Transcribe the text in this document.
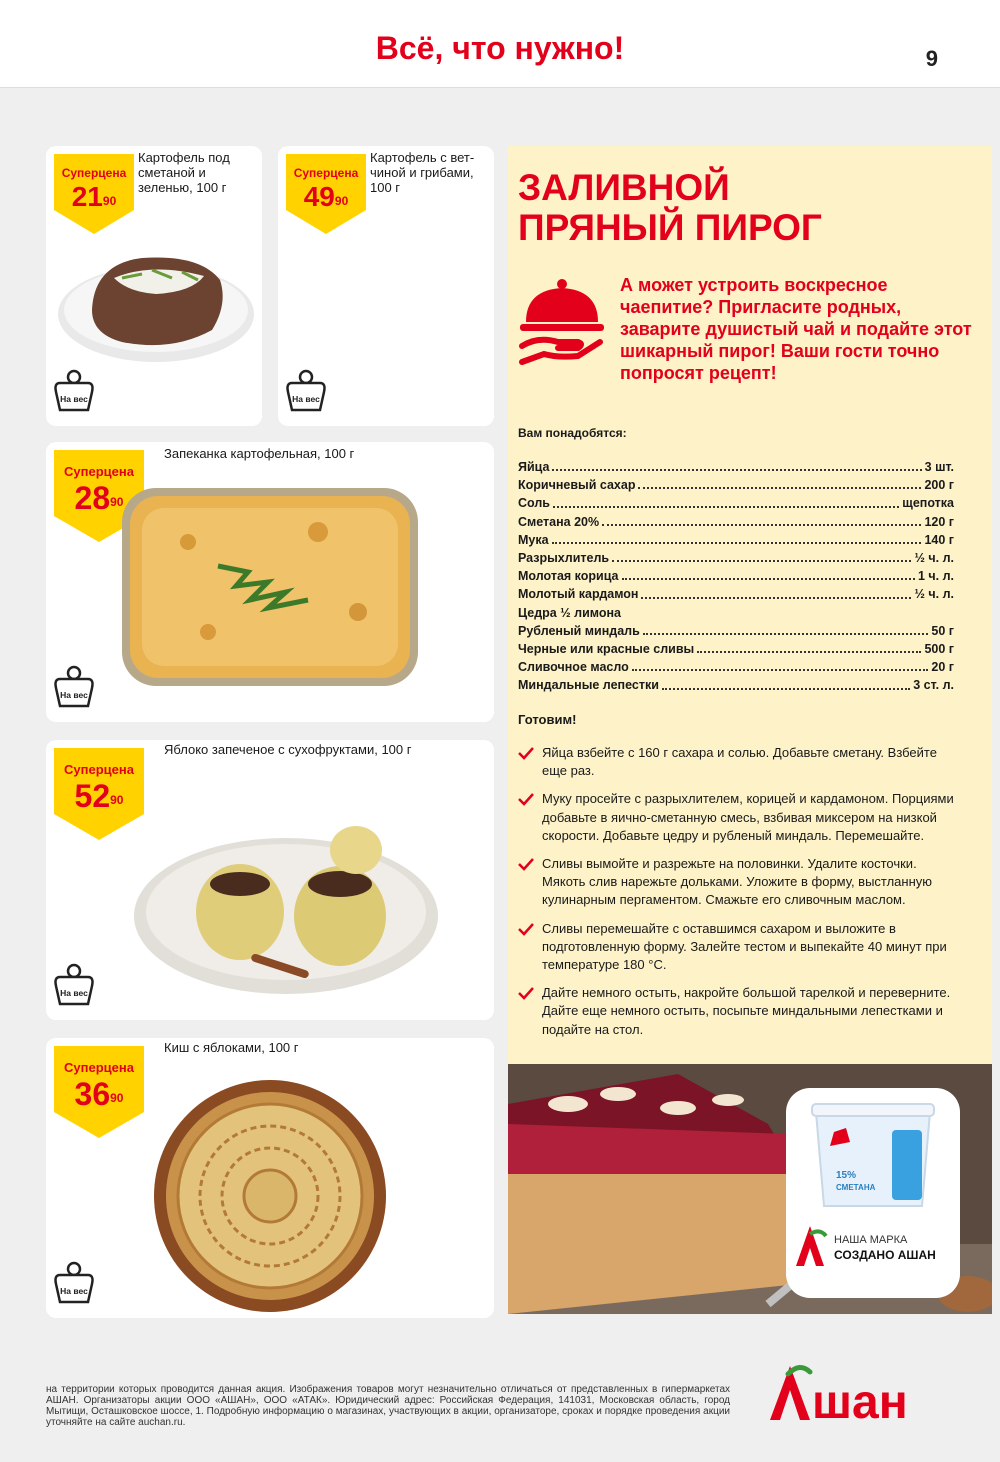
Всё, что нужно!	9
Суперцена
$21^{90}$
Картофель под сметаной и зеленью, 100 г
На вес
Суперцена
$49^{90}$
Картофель с вет-чиной и грибами, 100 г
На вес
Суперцена
$28^{90}$
Запеканка картофельная, 100 г
На вес
Суперцена
$52^{90}$
Яблоко запеченое с сухофруктами, 100 г
На вес
Суперцена
$36^{90}$
Киш с яблоками, 100 г
На вес
ЗАЛИВНОЙ
ПРЯНЫЙ ПИРОГ
А может устроить воскресное чаепитие? Пригласите родных, заварите душистый чай и подайте этот шикарный пирог! Ваши гости точно попросят рецепт!
Вам понадобятся:
Яйца	3 шт.
Коричневый сахар	200 г
Соль	щепотка
Сметана 20%	120 г
Мука	140 г
Разрыхлитель	½ ч. л.
Молотая корица	1 ч. л.
Молотый кардамон	½ ч. л.
Цедра ½ лимона
Рубленый миндаль	50 г
Черные или красные сливы	500 г
Сливочное масло	20 г
Миндальные лепестки	3 ст. л.
Готовим!
Яйца взбейте с 160 г сахара и солью. Добавьте сметану. Взбейте еще раз.
Муку просейте с разрыхлителем, корицей и кардамоном. Порциями добавьте в яично-сметанную смесь, взбивая миксером на низкой скорости. Добавьте цедру и рубленый миндаль. Перемешайте.
Сливы вымойте и разрежьте на половинки. Удалите косточки. Мякоть слив нарежьте дольками. Уложите в форму, выстланную кулинарным пергаментом. Смажьте его сливочным маслом.
Сливы перемешайте с оставшимся сахаром и выложите в подготовленную форму. Залейте тестом и выпекайте 40 минут при температуре 180 °C.
Дайте немного остыть, накройте большой тарелкой и переверните. Дайте еще немного остыть, посыпьте миндальными лепестками и подайте на стол.
15%
СМЕТАНА
НАША МАРКА
СОЗДАНО АШАН
на территории которых проводится данная акция. Изображения товаров могут незначительно отличаться от представленных в гипермаркетах АШАН. Организаторы акции ООО «АШАН», ООО «АТАК». Юридический адрес: Российская Федерация, 141031, Московская область, город Мытищи, Осташковское шоссе, 1. Подробную информацию о магазинах, участвующих в акции, организаторе, сроках и порядке проведения акции уточняйте на сайте auchan.ru.	шан
